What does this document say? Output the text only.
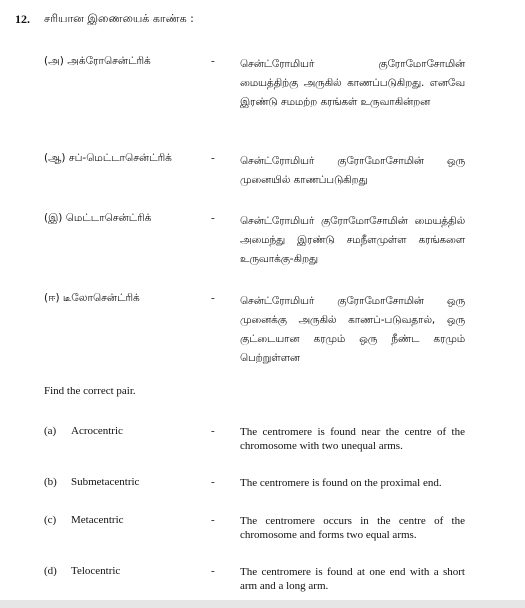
12. சரியான இணையைக் காண்க :
(அ) அக்ரோசென்ட்ரிக்	- சென்ட்ரோமியர் குரோமோசோமின் மையத்திற்கு அருகில் காணப்படுகிறது. எனவே இரண்டு சமமற்ற கரங்கள் உருவாகின்றன
(ஆ) சப்-மெட்டாசென்ட்ரிக்	- சென்ட்ரோமியர் குரோமோசோமின் ஒரு முனையில் காணப்படுகிறது
(இ) மெட்டாசென்ட்ரிக்	- சென்ட்ரோமியர் குரோமோசோமின் மையத்தில் அமைந்து இரண்டு சமநீளமுள்ள கரங்களை உருவாக்கு-கிறது
(ஈ) டீலோசென்ட்ரிக்	- சென்ட்ரோமியர் குரோமோசோமின் ஒரு முனைக்கு அருகில் காணப்-படுவதால், ஒரு குட்டையான கரமும் ஒரு நீண்ட கரமும் பெற்றுள்ளன
Find the correct pair.
(a) Acrocentric	- The centromere is found near the centre of the chromosome with two unequal arms.
(b) Submetacentric	- The centromere is found on the proximal end.
(c) Metacentric	- The centromere occurs in the centre of the chromosome and forms two equal arms.
(d) Telocentric	- The centromere is found at one end with a short arm and a long arm.
